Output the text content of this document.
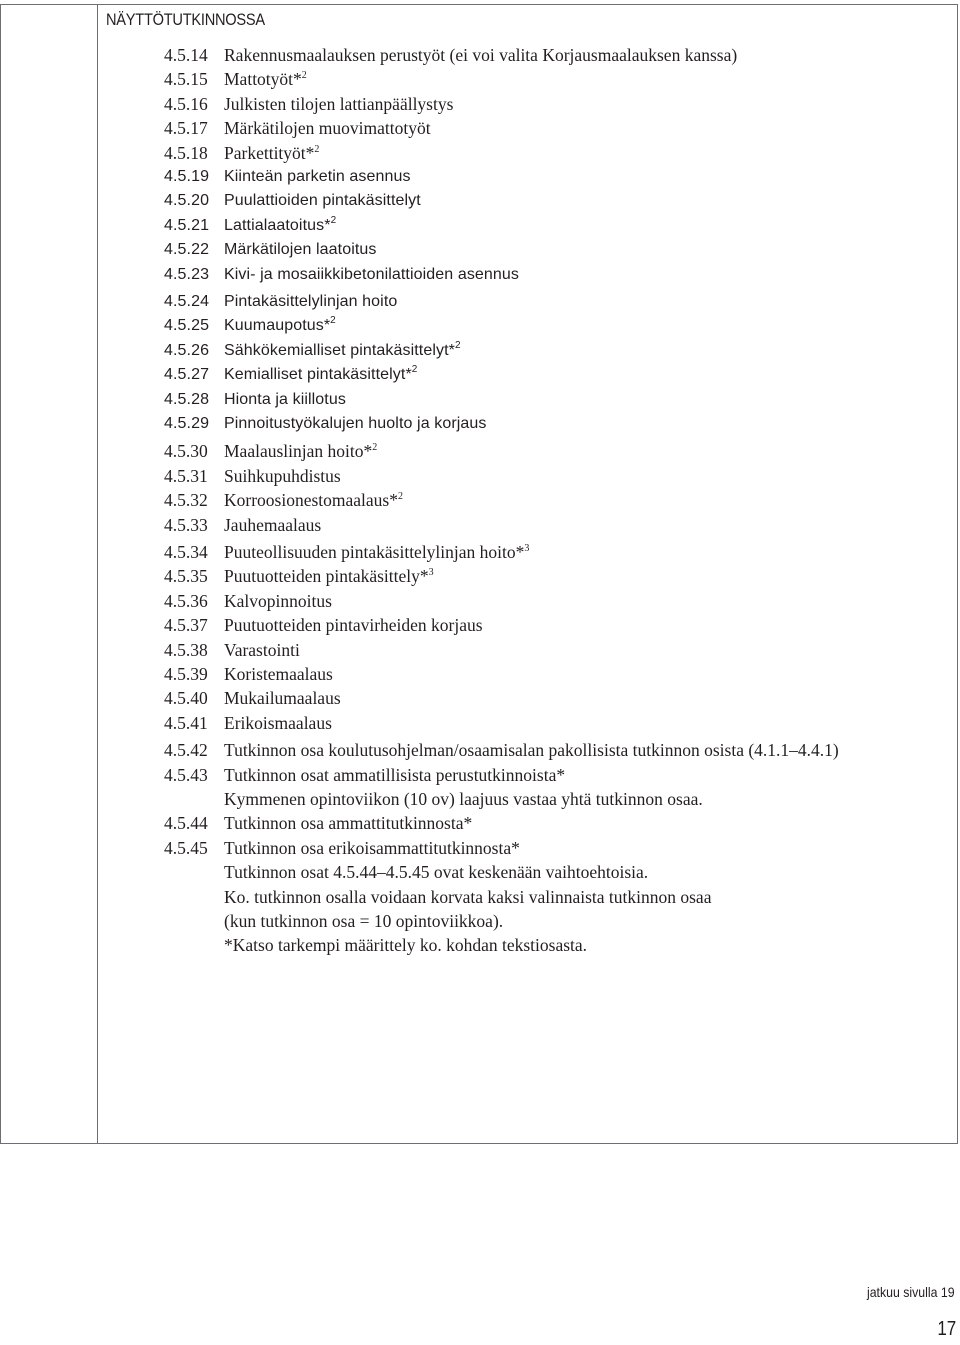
NÄYTTÖTUTKINNOSSA
4.5.14 Rakennusmaalauksen perustyöt (ei voi valita Korjausmaalauksen kanssa)
4.5.15 Mattotyöt*$^2$
4.5.16 Julkisten tilojen lattianpäällystys
4.5.17 Märkätilojen muovimattotyöt
4.5.18 Parkettityöt*$^2$
4.5.19 Kiinteän parketin asennus
4.5.20 Puulattioiden pintakäsittelyt
4.5.21 Lattialaatoitus*$^2$
4.5.22 Märkätilojen laatoitus
4.5.23 Kivi- ja mosaiikkibetonilattioiden asennus
4.5.24 Pintakäsittelylinjan hoito
4.5.25 Kuumaupotus*$^2$
4.5.26 Sähkökemialliset pintakäsittelyt*$^2$
4.5.27 Kemialliset pintakäsittelyt*$^2$
4.5.28 Hionta ja kiillotus
4.5.29 Pinnoitustyökalujen huolto ja korjaus
4.5.30 Maalauslinjan hoito*$^2$
4.5.31 Suihkupuhdistus
4.5.32 Korroosionestomaalaus*$^2$
4.5.33 Jauhemaalaus
4.5.34 Puuteollisuuden pintakäsittelylinjan hoito*$^3$
4.5.35 Puutuotteiden pintakäsittely*$^3$
4.5.36 Kalvopinnoitus
4.5.37 Puutuotteiden pintavirheiden korjaus
4.5.38 Varastointi
4.5.39 Koristemaalaus
4.5.40 Mukailumaalaus
4.5.41 Erikoismaalaus
4.5.42 Tutkinnon osa koulutusohjelman/osaamisalan pakollisista tutkinnon osista (4.1.1–4.4.1)
4.5.43 Tutkinnon osat ammatillisista perustutkinnoista*
Kymmenen opintoviikon (10 ov) laajuus vastaa yhtä tutkinnon osaa.
4.5.44 Tutkinnon osa ammattitutkinnosta*
4.5.45 Tutkinnon osa erikoisammattitutkinnosta*
Tutkinnon osat 4.5.44–4.5.45 ovat keskenään vaihtoehtoisia.
Ko. tutkinnon osalla voidaan korvata kaksi valinnaista tutkinnon osaa
(kun tutkinnon osa = 10 opintoviikkoa).
*Katso tarkempi määrittely ko. kohdan tekstiosasta.
jatkuu sivulla 19
17
